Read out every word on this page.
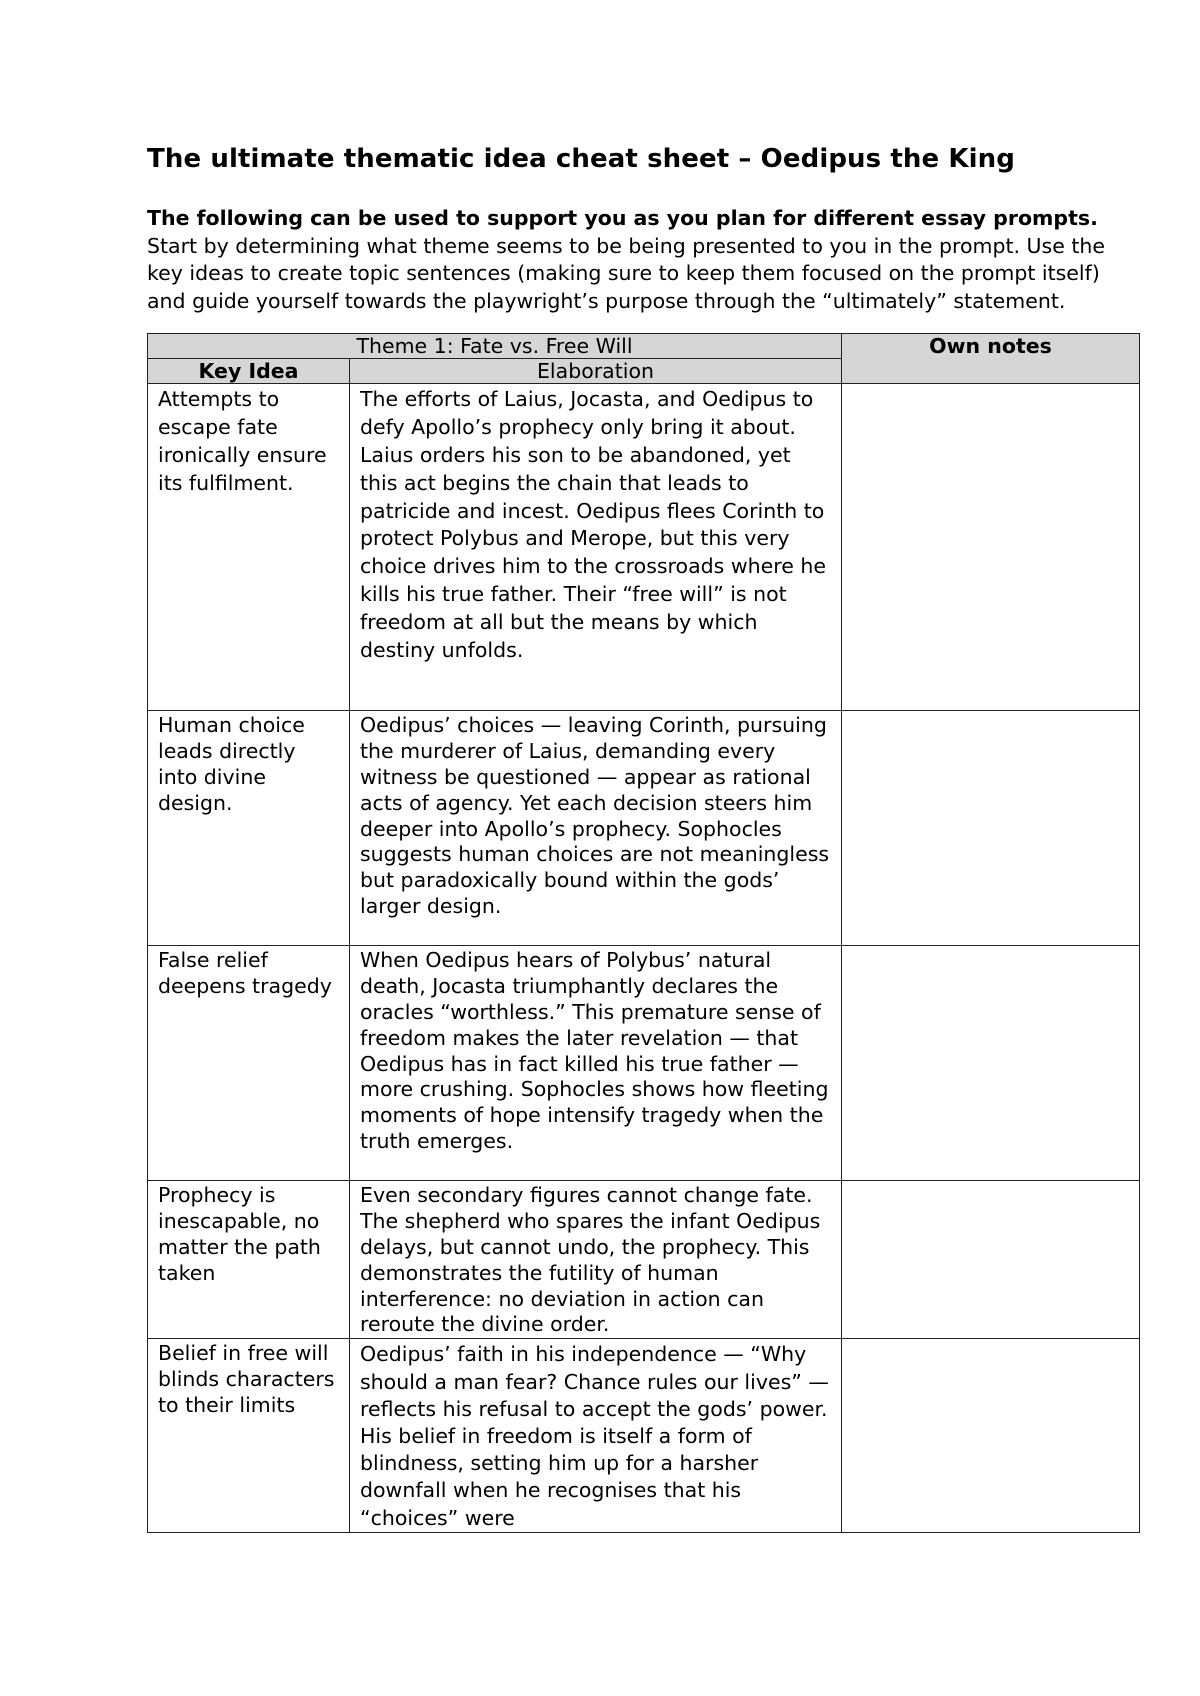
The ultimate thematic idea cheat sheet – Oedipus the King

The following can be used to support you as you plan for different essay prompts. Start by determining what theme seems to be being presented to you in the prompt. Use the key ideas to create topic sentences (making sure to keep them focused on the prompt itself) and guide yourself towards the playwright’s purpose through the “ultimately” statement.

Theme 1: Fate vs. Free Will		Own notes
Key Idea	Elaboration	

Attempts to escape fate ironically ensure its fulfilment.	The efforts of Laius, Jocasta, and Oedipus to defy Apollo’s prophecy only bring it about. Laius orders his son to be abandoned, yet this act begins the chain that leads to patricide and incest. Oedipus flees Corinth to protect Polybus and Merope, but this very choice drives him to the crossroads where he kills his true father. Their “free will” is not freedom at all but the means by which destiny unfolds.	

Human choice leads directly into divine design.	Oedipus’ choices — leaving Corinth, pursuing the murderer of Laius, demanding every witness be questioned — appear as rational acts of agency. Yet each decision steers him deeper into Apollo’s prophecy. Sophocles suggests human choices are not meaningless but paradoxically bound within the gods’ larger design.	

False relief deepens tragedy	When Oedipus hears of Polybus’ natural death, Jocasta triumphantly declares the oracles “worthless.” This premature sense of freedom makes the later revelation — that Oedipus has in fact killed his true father — more crushing. Sophocles shows how fleeting moments of hope intensify tragedy when the truth emerges.	

Prophecy is inescapable, no matter the path taken	Even secondary figures cannot change fate. The shepherd who spares the infant Oedipus delays, but cannot undo, the prophecy. This demonstrates the futility of human interference: no deviation in action can reroute the divine order.	

Belief in free will blinds characters to their limits	Oedipus’ faith in his independence — “Why should a man fear? Chance rules our lives” — reflects his refusal to accept the gods’ power. His belief in freedom is itself a form of blindness, setting him up for a harsher downfall when he recognises that his “choices” were	
